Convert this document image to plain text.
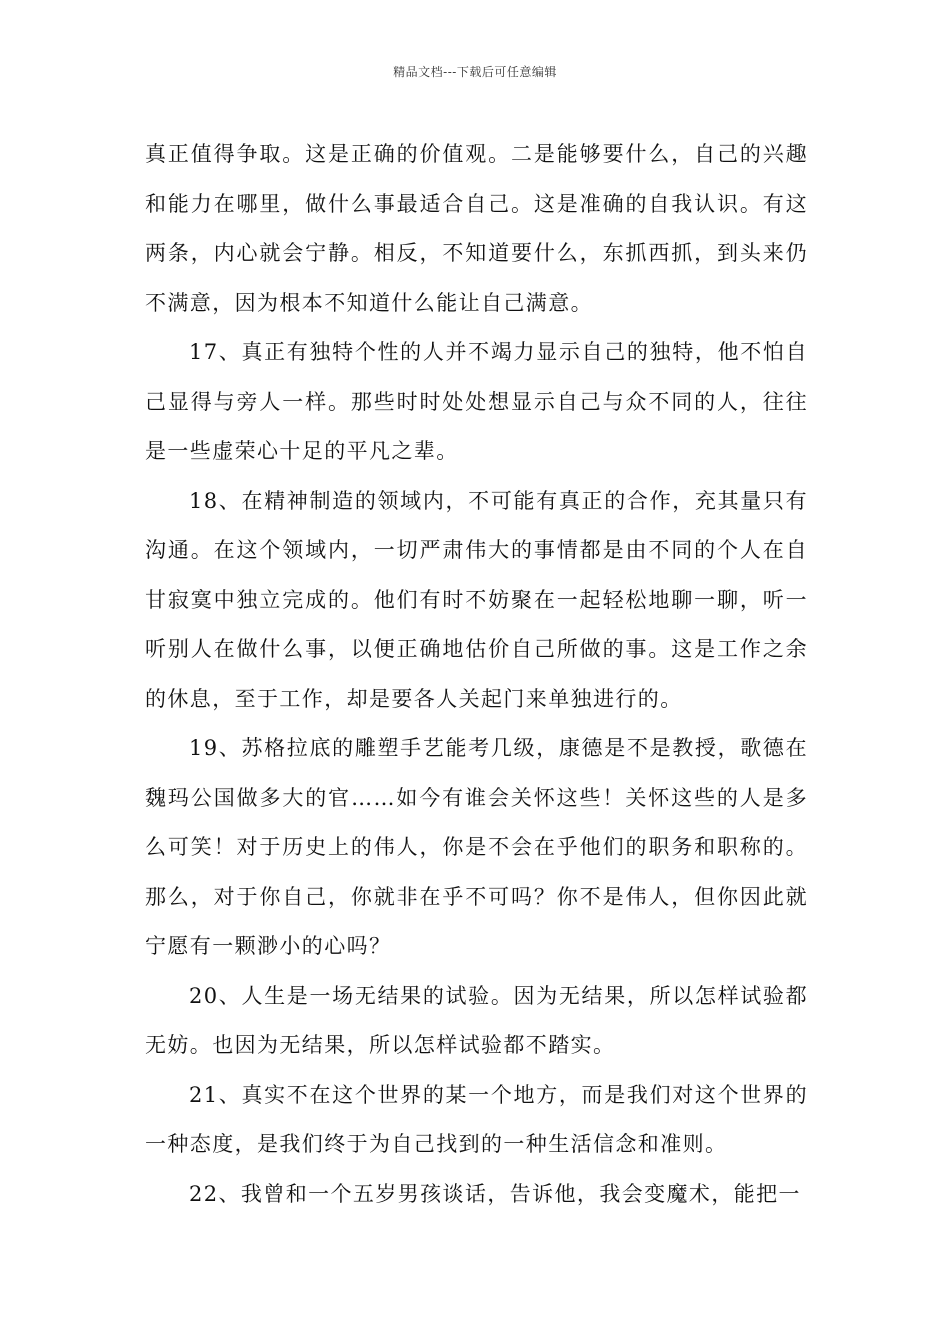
精品文档---下载后可任意编辑

真正值得争取。这是正确的价值观。二是能够要什么，自己的兴趣和能力在哪里，做什么事最适合自己。这是准确的自我认识。有这两条，内心就会宁静。相反，不知道要什么，东抓西抓，到头来仍不满意，因为根本不知道什么能让自己满意。

17、真正有独特个性的人并不竭力显示自己的独特，他不怕自己显得与旁人一样。那些时时处处想显示自己与众不同的人，往往是一些虚荣心十足的平凡之辈。

18、在精神制造的领域内，不可能有真正的合作，充其量只有沟通。在这个领域内，一切严肃伟大的事情都是由不同的个人在自甘寂寞中独立完成的。他们有时不妨聚在一起轻松地聊一聊，听一听别人在做什么事，以便正确地估价自己所做的事。这是工作之余的休息，至于工作，却是要各人关起门来单独进行的。

19、苏格拉底的雕塑手艺能考几级，康德是不是教授，歌德在魏玛公国做多大的官……如今有谁会关怀这些！关怀这些的人是多么可笑！对于历史上的伟人，你是不会在乎他们的职务和职称的。那么，对于你自己，你就非在乎不可吗？你不是伟人，但你因此就宁愿有一颗渺小的心吗？

20、人生是一场无结果的试验。因为无结果，所以怎样试验都无妨。也因为无结果，所以怎样试验都不踏实。

21、真实不在这个世界的某一个地方，而是我们对这个世界的一种态度，是我们终于为自己找到的一种生活信念和准则。

22、我曾和一个五岁男孩谈话，告诉他，我会变魔术，能把一
